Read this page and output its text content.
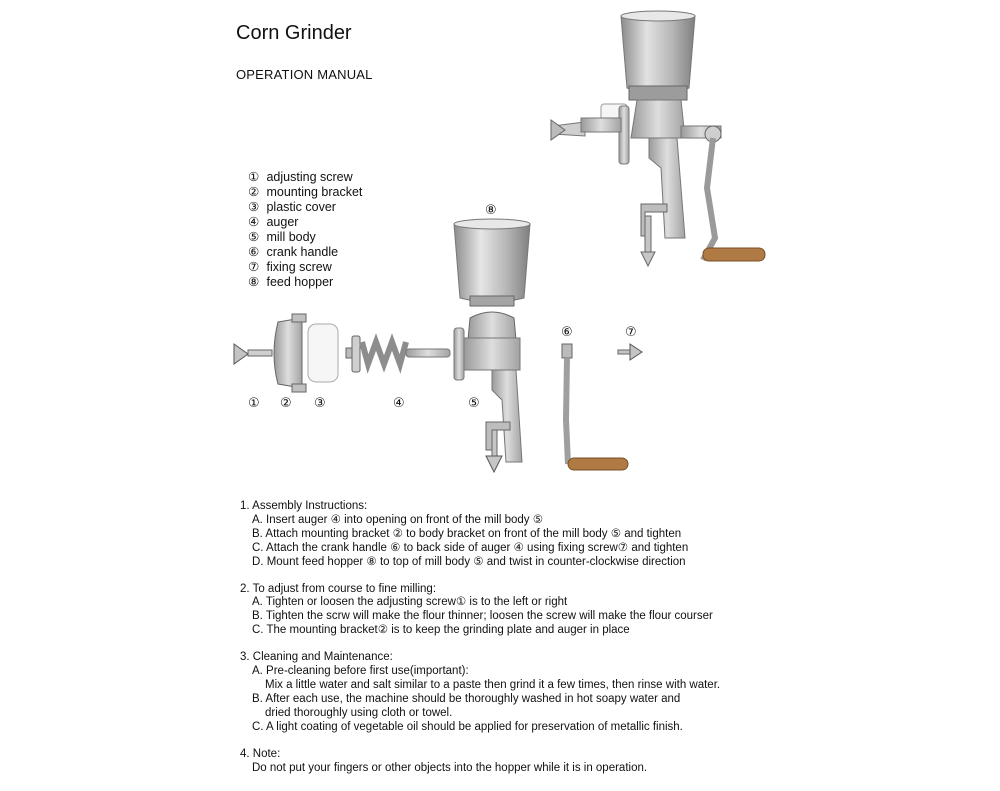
Corn Grinder
OPERATION MANUAL
① adjusting screw
② mounting bracket
③ plastic cover
④ auger
⑤ mill body
⑥ crank handle
⑦ fixing screw
⑧ feed hopper
⑧
⑥	⑦
① ② ③	④	⑤
1. Assembly Instructions:
A. Insert auger ④ into opening on front of the mill body ⑤
B. Attach mounting bracket ② to body bracket on front of the mill body ⑤ and tighten
C. Attach the crank handle ⑥ to back side of auger ④ using fixing screw⑦ and tighten
D. Mount feed hopper ⑧ to top of mill body ⑤ and twist in counter-clockwise direction
2. To adjust from course to fine milling:
A. Tighten or loosen the adjusting screw① is to the left or right
B. Tighten the scrw will make the flour thinner; loosen the screw will make the flour courser
C. The mounting bracket② is to keep the grinding plate and auger in place
3. Cleaning and Maintenance:
A. Pre-cleaning before first use(important):
Mix a little water and salt similar to a paste then grind it a few times, then rinse with water.
B. After each use, the machine should be thoroughly washed in hot soapy water and
dried thoroughly using cloth or towel.
C. A light coating of vegetable oil should be applied for preservation of metallic finish.
4. Note:
Do not put your fingers or other objects into the hopper while it is in operation.
